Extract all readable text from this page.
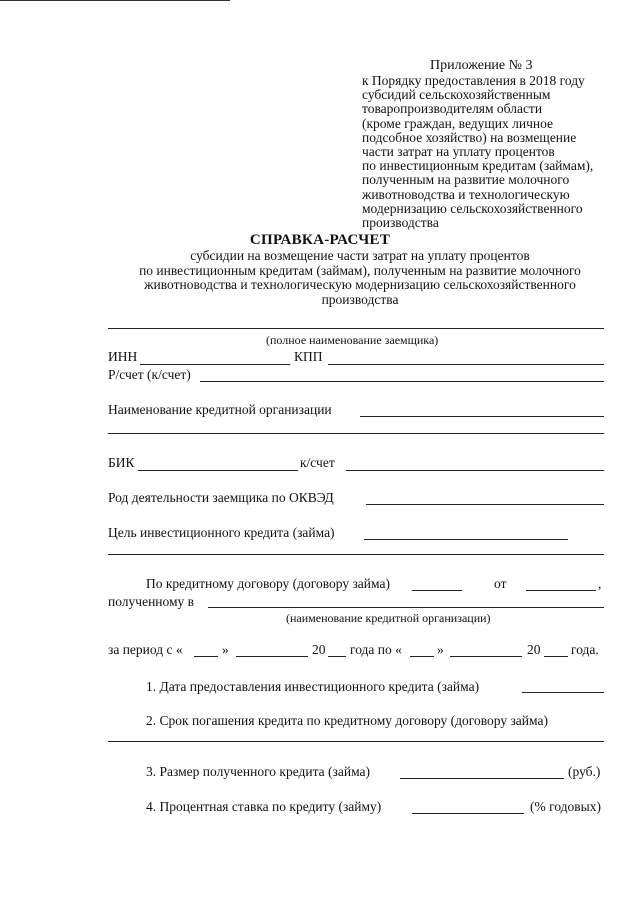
Приложение № 3
к Порядку предоставления в 2018 году
субсидий сельскохозяйственным
товаропроизводителям области
(кроме граждан, ведущих личное
подсобное хозяйство) на возмещение
части затрат на уплату процентов
по инвестиционным кредитам (займам),
полученным на развитие молочного
животноводства и технологическую
модернизацию сельскохозяйственного
производства
СПРАВКА-РАСЧЕТ
субсидии на возмещение части затрат на уплату процентов
по инвестиционным кредитам (займам), полученным на развитие молочного
животноводства и технологическую модернизацию сельскохозяйственного
производства
(полное наименование заемщика)
ИНН	КПП
Р/счет (к/счет)
Наименование кредитной организации
БИК	к/счет
Род деятельности заемщика по ОКВЭД
Цель инвестиционного кредита (займа)
По кредитному договору (договору займа)	от	,
полученному в
(наименование кредитной организации)
за период с «	»	20 года по «	»	20 года.
1. Дата предоставления инвестиционного кредита (займа)
2. Срок погашения кредита по кредитному договору (договору займа)
3. Размер полученного кредита (займа)	(руб.)
4. Процентная ставка по кредиту (займу)	(% годовых)
